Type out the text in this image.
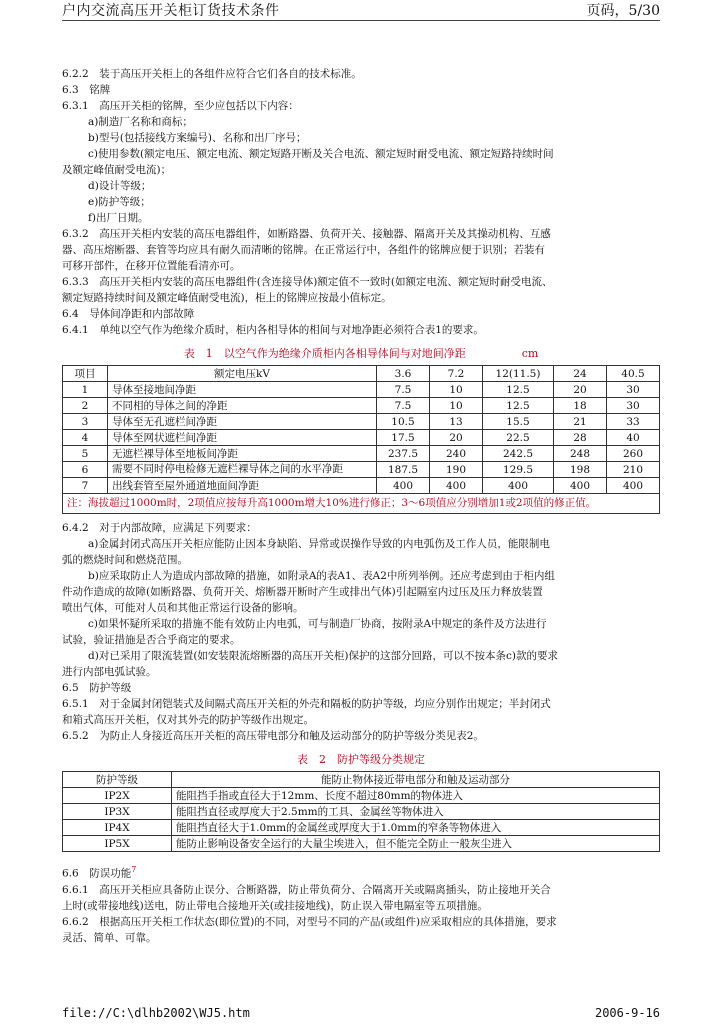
户内交流高压开关柜订货技术条件	页码，5/30

6.2.2　装于高压开关柜上的各组件应符合它们各自的技术标准。

6.3　铭牌

6.3.1　高压开关柜的铭牌，至少应包括以下内容：

a)制造厂名称和商标；

b)型号(包括接线方案编号)、名称和出厂序号；

c)使用参数(额定电压、额定电流、额定短路开断及关合电流、额定短时耐受电流、额定短路持续时间

及额定峰值耐受电流)；

d)设计等级；

e)防护等级；

f)出厂日期。

6.3.2　高压开关柜内安装的高压电器组件，如断路器、负荷开关、接触器、隔离开关及其操动机构、互感

器、高压熔断器、套管等均应具有耐久而清晰的铭牌。在正常运行中，各组件的铭牌应便于识别；若装有

可移开部件，在移开位置能看清亦可。

6.3.3　高压开关柜内安装的高压电器组件(含连接导体)额定值不一致时(如额定电流、额定短时耐受电流、

额定短路持续时间及额定峰值耐受电流)，柜上的铭牌应按最小值标定。

6.4　导体间净距和内部故障

6.4.1　单纯以空气作为绝缘介质时，柜内各相导体的相间与对地净距必须符合表1的要求。

表　1　以空气作为绝缘介质柜内各相导体间与对地间净距	cm
项目	额定电压kV	3.6	7.2	12(11.5)	24	40.5
1	导体至接地间净距	7.5	10	12.5	20	30
2	不同相的导体之间的净距	7.5	10	12.5	18	30
3	导体至无孔遮栏间净距	10.5	13	15.5	21	33
4	导体至网状遮栏间净距	17.5	20	22.5	28	40
5	无遮栏裸导体至地板间净距	237.5	240	242.5	248	260
6	需要不同时停电检修无遮栏裸导体之间的水平净距	187.5	190	129.5	198	210
7	出线套管至屋外通道地面间净距	400	400	400	400	400
注：海拔超过1000m时，2项值应按每升高1000m增大10%进行修正；3～6项值应分别增加1或2项值的修正值。						

6.4.2　对于内部故障，应满足下列要求：

a)金属封闭式高压开关柜应能防止因本身缺陷、异常或误操作导致的内电弧伤及工作人员，能限制电

弧的燃烧时间和燃烧范围。

b)应采取防止人为造成内部故障的措施，如附录A的表A1、表A2中所列举例。还应考虑到由于柜内组

件动作造成的故障(如断路器、负荷开关、熔断器开断时产生或排出气体)引起隔室内过压及压力释放装置

喷出气体，可能对人员和其他正常运行设备的影响。

c)如果怀疑所采取的措施不能有效防止内电弧，可与制造厂协商，按附录A中规定的条件及方法进行

试验，验证措施是否合乎商定的要求。

d)对已采用了限流装置(如安装限流熔断器的高压开关柜)保护的这部分回路，可以不按本条c)款的要求

进行内部电弧试验。

6.5　防护等级

6.5.1　对于金属封闭铠装式及间隔式高压开关柜的外壳和隔板的防护等级，均应分别作出规定；半封闭式

和箱式高压开关柜，仅对其外壳的防护等级作出规定。

6.5.2　为防止人身接近高压开关柜的高压带电部分和触及运动部分的防护等级分类见表2。

表　2　防护等级分类规定
防护等级	能防止物体接近带电部分和触及运动部分
IP2X	能阻挡手指或直径大于12mm、长度不超过80mm的物体进入
IP3X	能阻挡直径或厚度大于2.5mm的工具、金属丝等物体进入
IP4X	能阻挡直径大于1.0mm的金属丝或厚度大于1.0mm的窄条等物体进入
IP5X	能防止影响设备安全运行的大量尘埃进入，但不能完全防止一般灰尘进入

6.6　防误功能$^7$

6.6.1　高压开关柜应具备防止误分、合断路器，防止带负荷分、合隔离开关或隔离插头，防止接地开关合

上时(或带接地线)送电，防止带电合接地开关(或挂接地线)，防止误入带电隔室等五项措施。

6.6.2　根据高压开关柜工作状态(即位置)的不同，对型号不同的产品(或组件)应采取相应的具体措施，要求

灵活、简单、可靠。

file://C:\dlhb2002\WJ5.htm	2006-9-16
